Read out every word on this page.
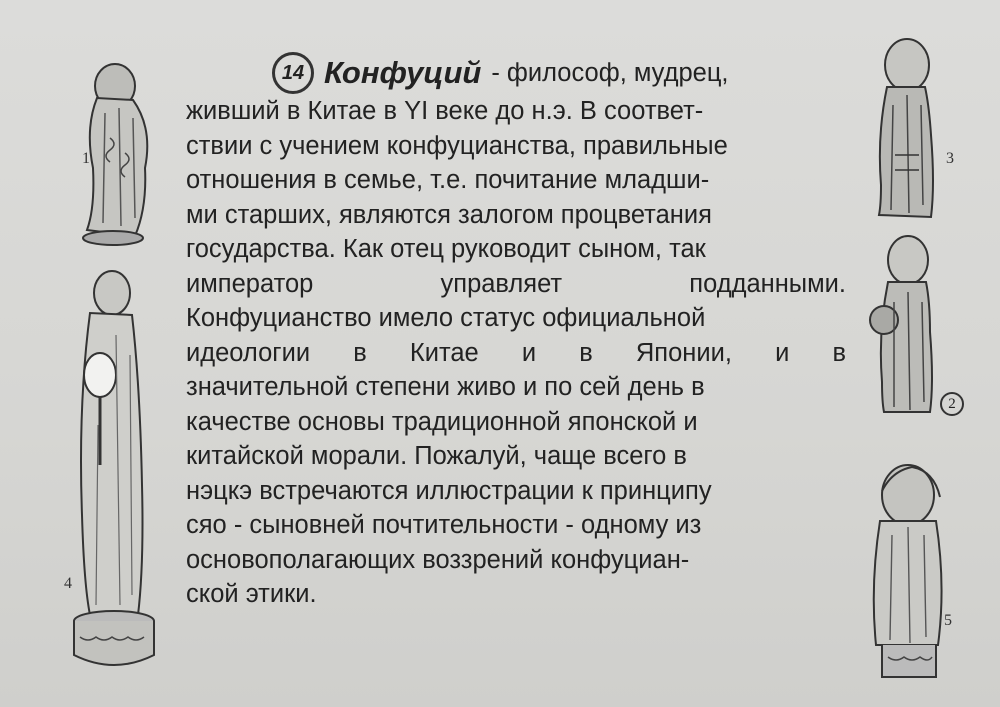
14 Конфуций - философ, мудрец,
живший в Китае в YI веке до н.э. В соответ-
ствии с учением конфуцианства, правильные
отношения в семье, т.е. почитание младши-
ми старших, являются залогом процветания
государства. Как отец руководит сыном, так
император управляет подданными.
Конфуцианство имело статус официальной
идеологии в Китае и в Японии, и в
значительной степени живо и по сей день в
качестве основы традиционной японской и
китайской морали. Пожалуй, чаще всего в
нэцкэ встречаются иллюстрации к принципу
сяо - сыновней почтительности - одному из
основополагающих воззрений конфуциан-
ской этики.
1
4
3
2
5
